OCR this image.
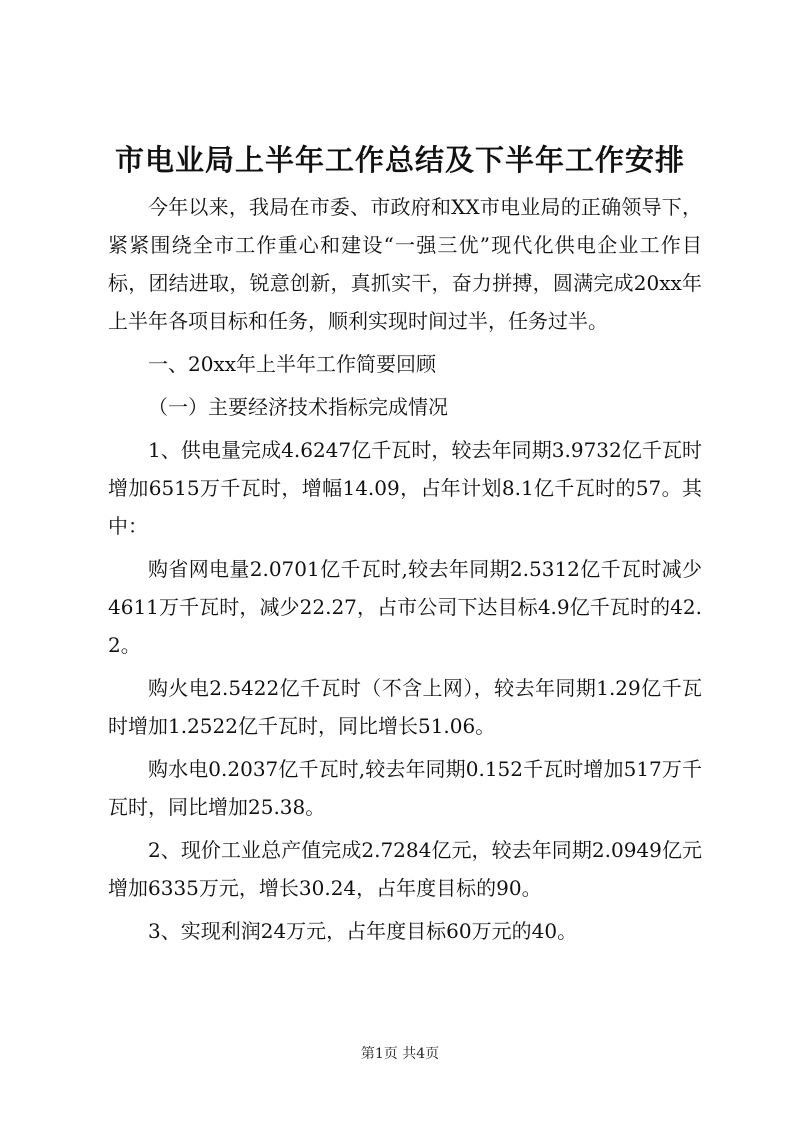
市电业局上半年工作总结及下半年工作安排

今年以来，我局在市委、市政府和XX市电业局的正确领导下，紧紧围绕全市工作重心和建设“一强三优”现代化供电企业工作目标，团结进取，锐意创新，真抓实干，奋力拼搏，圆满完成20xx年上半年各项目标和任务，顺利实现时间过半，任务过半。

一、20xx年上半年工作简要回顾

（一）主要经济技术指标完成情况

1、供电量完成4.6247亿千瓦时，较去年同期3.9732亿千瓦时增加6515万千瓦时，增幅14.09，占年计划8.1亿千瓦时的57。其中：

购省网电量2.0701亿千瓦时,较去年同期2.5312亿千瓦时减少4611万千瓦时，减少22.27，占市公司下达目标4.9亿千瓦时的42.2。

购火电2.5422亿千瓦时（不含上网），较去年同期1.29亿千瓦时增加1.2522亿千瓦时，同比增长51.06。

购水电0.2037亿千瓦时,较去年同期0.152千瓦时增加517万千瓦时，同比增加25.38。

2、现价工业总产值完成2.7284亿元，较去年同期2.0949亿元增加6335万元，增长30.24，占年度目标的90。

3、实现利润24万元，占年度目标60万元的40。

第1页 共4页
